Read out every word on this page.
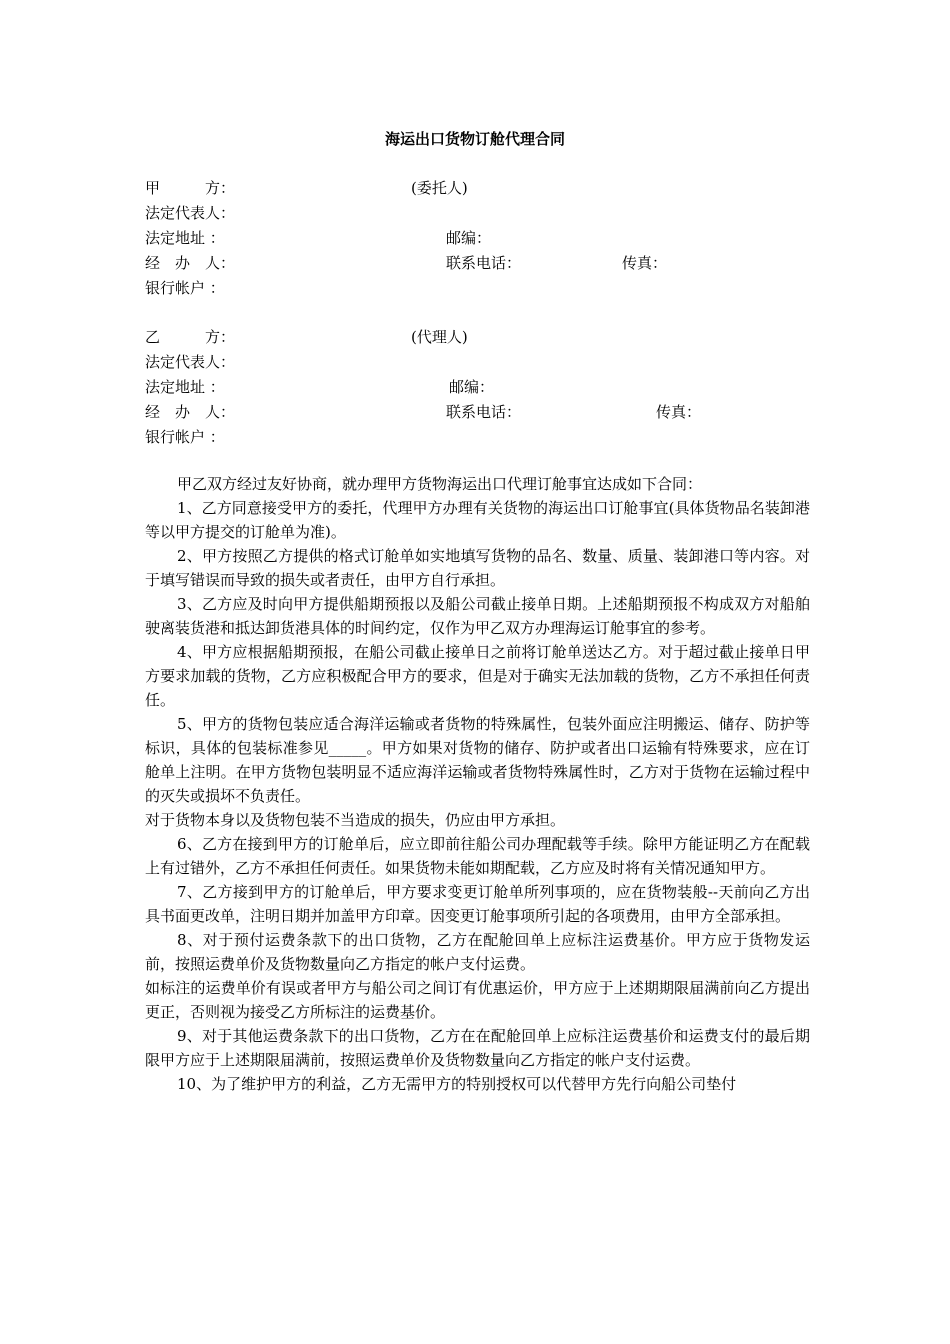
海运出口货物订舱代理合同
甲　　　方：	(委托人)
法定代表人：
法定地址 ：	邮编：
经　办　人：	联系电话：	传真：
银行帐户 ：
乙　　　方：	(代理人)
法定代表人：
法定地址 ：	邮编：
经　办　人：	联系电话：	传真：
银行帐户 ：

甲乙双方经过友好协商，就办理甲方货物海运出口代理订舱事宜达成如下合同：

1、乙方同意接受甲方的委托，代理甲方办理有关货物的海运出口订舱事宜(具体货物品名装卸港等以甲方提交的订舱单为准)。

2、甲方按照乙方提供的格式订舱单如实地填写货物的品名、数量、质量、装卸港口等内容。对于填写错误而导致的损失或者责任，由甲方自行承担。

3、乙方应及时向甲方提供船期预报以及船公司截止接单日期。上述船期预报不构成双方对船舶驶离装货港和抵达卸货港具体的时间约定，仅作为甲乙双方办理海运订舱事宜的参考。

4、甲方应根据船期预报，在船公司截止接单日之前将订舱单送达乙方。对于超过截止接单日甲方要求加载的货物，乙方应积极配合甲方的要求，但是对于确实无法加载的货物，乙方不承担任何责任。

5、甲方的货物包装应适合海洋运输或者货物的特殊属性，包装外面应注明搬运、储存、防护等标识，具体的包装标准参见_____。甲方如果对货物的储存、防护或者出口运输有特殊要求，应在订舱单上注明。在甲方货物包装明显不适应海洋运输或者货物特殊属性时，乙方对于货物在运输过程中的灭失或损坏不负责任。

对于货物本身以及货物包装不当造成的损失，仍应由甲方承担。

6、乙方在接到甲方的订舱单后，应立即前往船公司办理配载等手续。除甲方能证明乙方在配载上有过错外，乙方不承担任何责任。如果货物未能如期配载，乙方应及时将有关情况通知甲方。

7、乙方接到甲方的订舱单后，甲方要求变更订舱单所列事项的，应在货物装般--天前向乙方出具书面更改单，注明日期并加盖甲方印章。因变更订舱事项所引起的各项费用，由甲方全部承担。

8、对于预付运费条款下的出口货物，乙方在配舱回单上应标注运费基价。甲方应于货物发运前，按照运费单价及货物数量向乙方指定的帐户支付运费。

如标注的运费单价有误或者甲方与船公司之间订有优惠运价，甲方应于上述期期限届满前向乙方提出更正，否则视为接受乙方所标注的运费基价。

9、对于其他运费条款下的出口货物，乙方在在配舱回单上应标注运费基价和运费支付的最后期限甲方应于上述期限届满前，按照运费单价及货物数量向乙方指定的帐户支付运费。

10、为了维护甲方的利益，乙方无需甲方的特别授权可以代替甲方先行向船公司垫付
